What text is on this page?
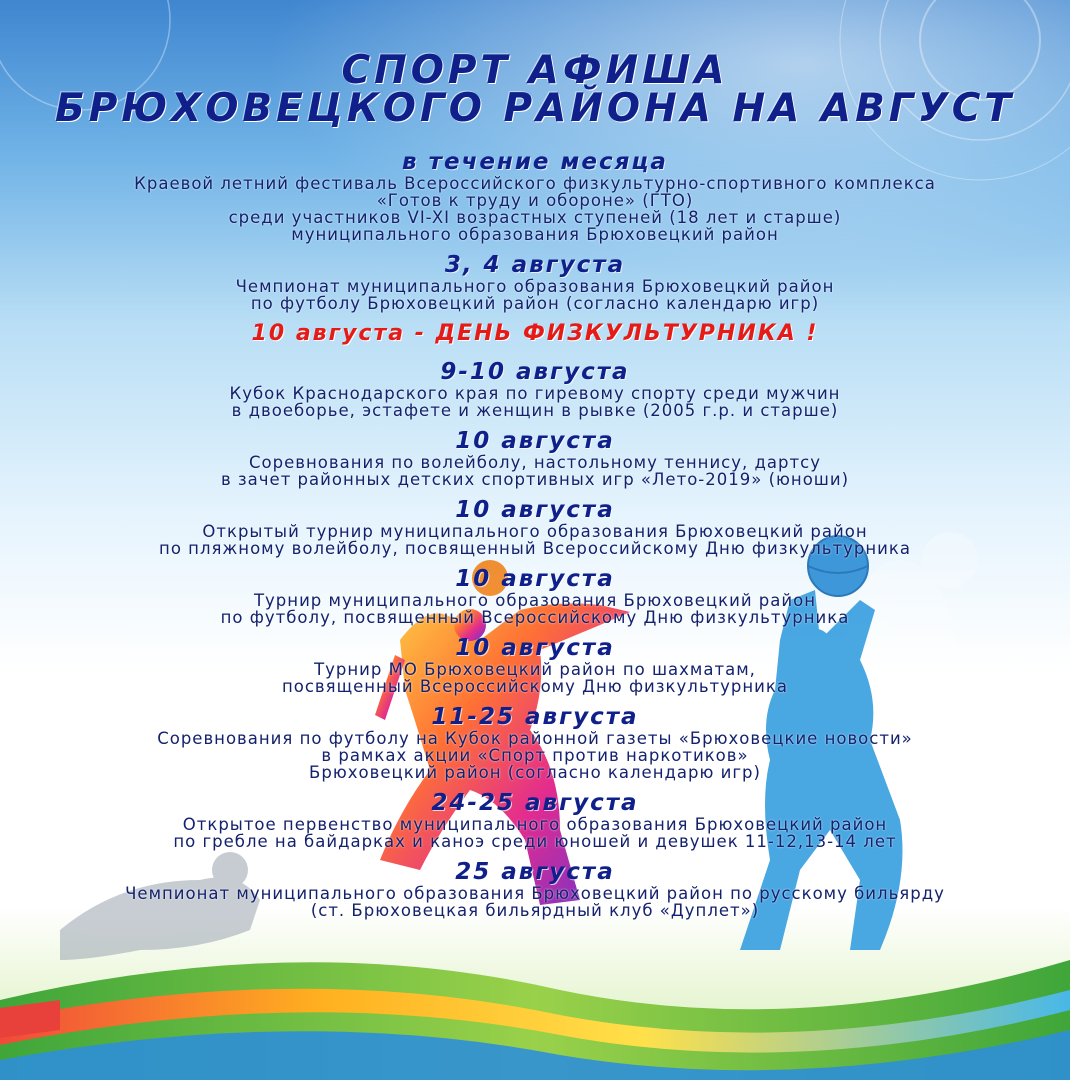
СПОРТ АФИША
БРЮХОВЕЦКОГО РАЙОНА НА АВГУСТ
в течение месяца
Краевой летний фестиваль Всероссийского физкультурно-спортивного комплекса
«Готов к труду и обороне» (ГТО)
среди участников VI-XI возрастных ступеней (18 лет и старше)
муниципального образования Брюховецкий район
3, 4 августа
Чемпионат муниципального образования Брюховецкий район
по футболу Брюховецкий район (согласно календарю игр)
10 августа - ДЕНЬ ФИЗКУЛЬТУРНИКА !
9-10 августа
Кубок Краснодарского края по гиревому спорту среди мужчин
в двоеборье, эстафете и женщин в рывке (2005 г.р. и старше)
10 августа
Соревнования по волейболу, настольному теннису, дартсу
в зачет районных детских спортивных игр «Лето-2019» (юноши)
10 августа
Открытый турнир муниципального образования Брюховецкий район
по пляжному волейболу, посвященный Всероссийскому Дню физкультурника
10 августа
Турнир муниципального образования Брюховецкий район
по футболу, посвященный Всероссийскому Дню физкультурника
10 августа
Турнир МО Брюховецкий район по шахматам,
посвященный Всероссийскому Дню физкультурника
11-25 августа
Соревнования по футболу на Кубок районной газеты «Брюховецкие новости»
в рамках акции «Спорт против наркотиков»
Брюховецкий район (согласно календарю игр)
24-25 августа
Открытое первенство муниципального образования Брюховецкий район
по гребле на байдарках и каноэ среди юношей и девушек 11-12,13-14 лет
25 августа
Чемпионат муниципального образования Брюховецкий район по русскому бильярду
(ст. Брюховецкая бильярдный клуб «Дуплет»)
